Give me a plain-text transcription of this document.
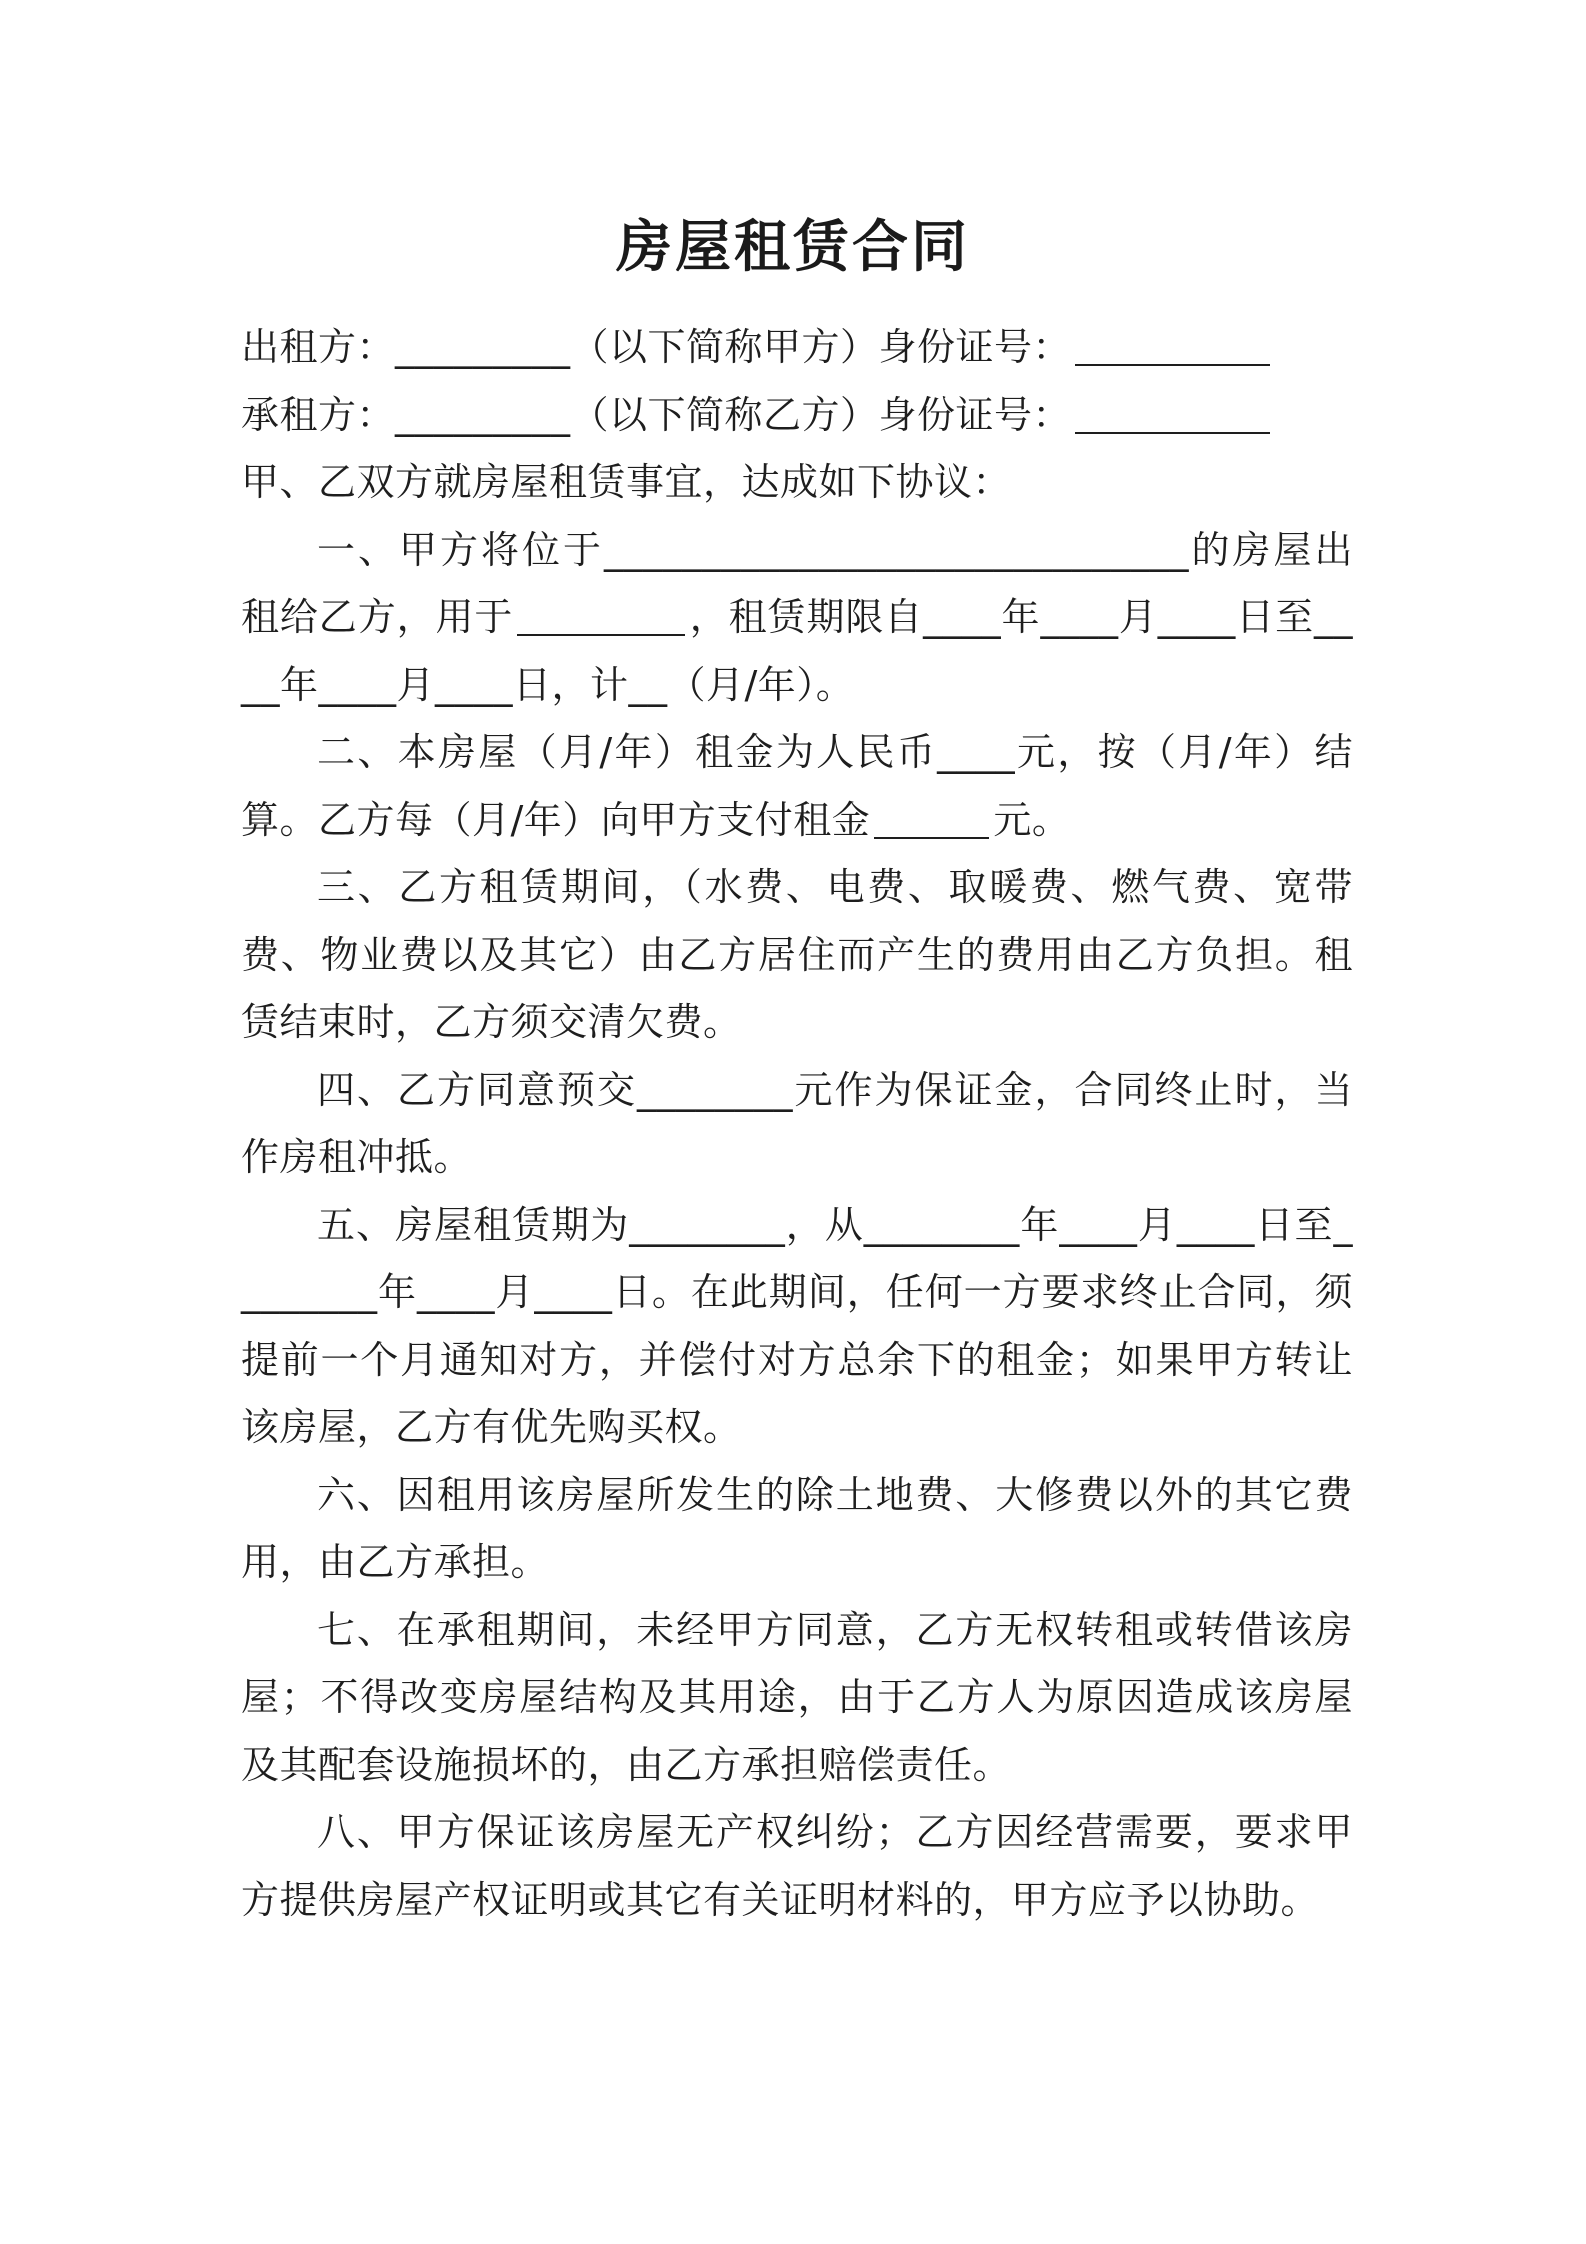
房屋租赁合同
出租方：_________（以下简称甲方）身份证号：
承租方：_________（以下简称乙方）身份证号：
甲、乙双方就房屋租赁事宜，达成如下协议：

一、甲方将位于______________________________的房屋出租给乙方，用于	，租赁期限自____年____月____日至____年____月____日，计__（月/年）。

二、本房屋（月/年）租金为人民币____元，按（月/年）结算。乙方每（月/年）向甲方支付租金	元。

三、乙方租赁期间，（水费、电费、取暖费、燃气费、宽带费、物业费以及其它）由乙方居住而产生的费用由乙方负担。租赁结束时，乙方须交清欠费。

四、乙方同意预交________元作为保证金，合同终止时，当作房租冲抵。

五、房屋租赁期为________，从________年____月____日至________年____月____日。在此期间，任何一方要求终止合同，须提前一个月通知对方，并偿付对方总余下的租金；如果甲方转让该房屋，乙方有优先购买权。

六、因租用该房屋所发生的除土地费、大修费以外的其它费用，由乙方承担。

七、在承租期间，未经甲方同意，乙方无权转租或转借该房屋；不得改变房屋结构及其用途，由于乙方人为原因造成该房屋及其配套设施损坏的，由乙方承担赔偿责任。

八、甲方保证该房屋无产权纠纷；乙方因经营需要，要求甲方提供房屋产权证明或其它有关证明材料的，甲方应予以协助。
